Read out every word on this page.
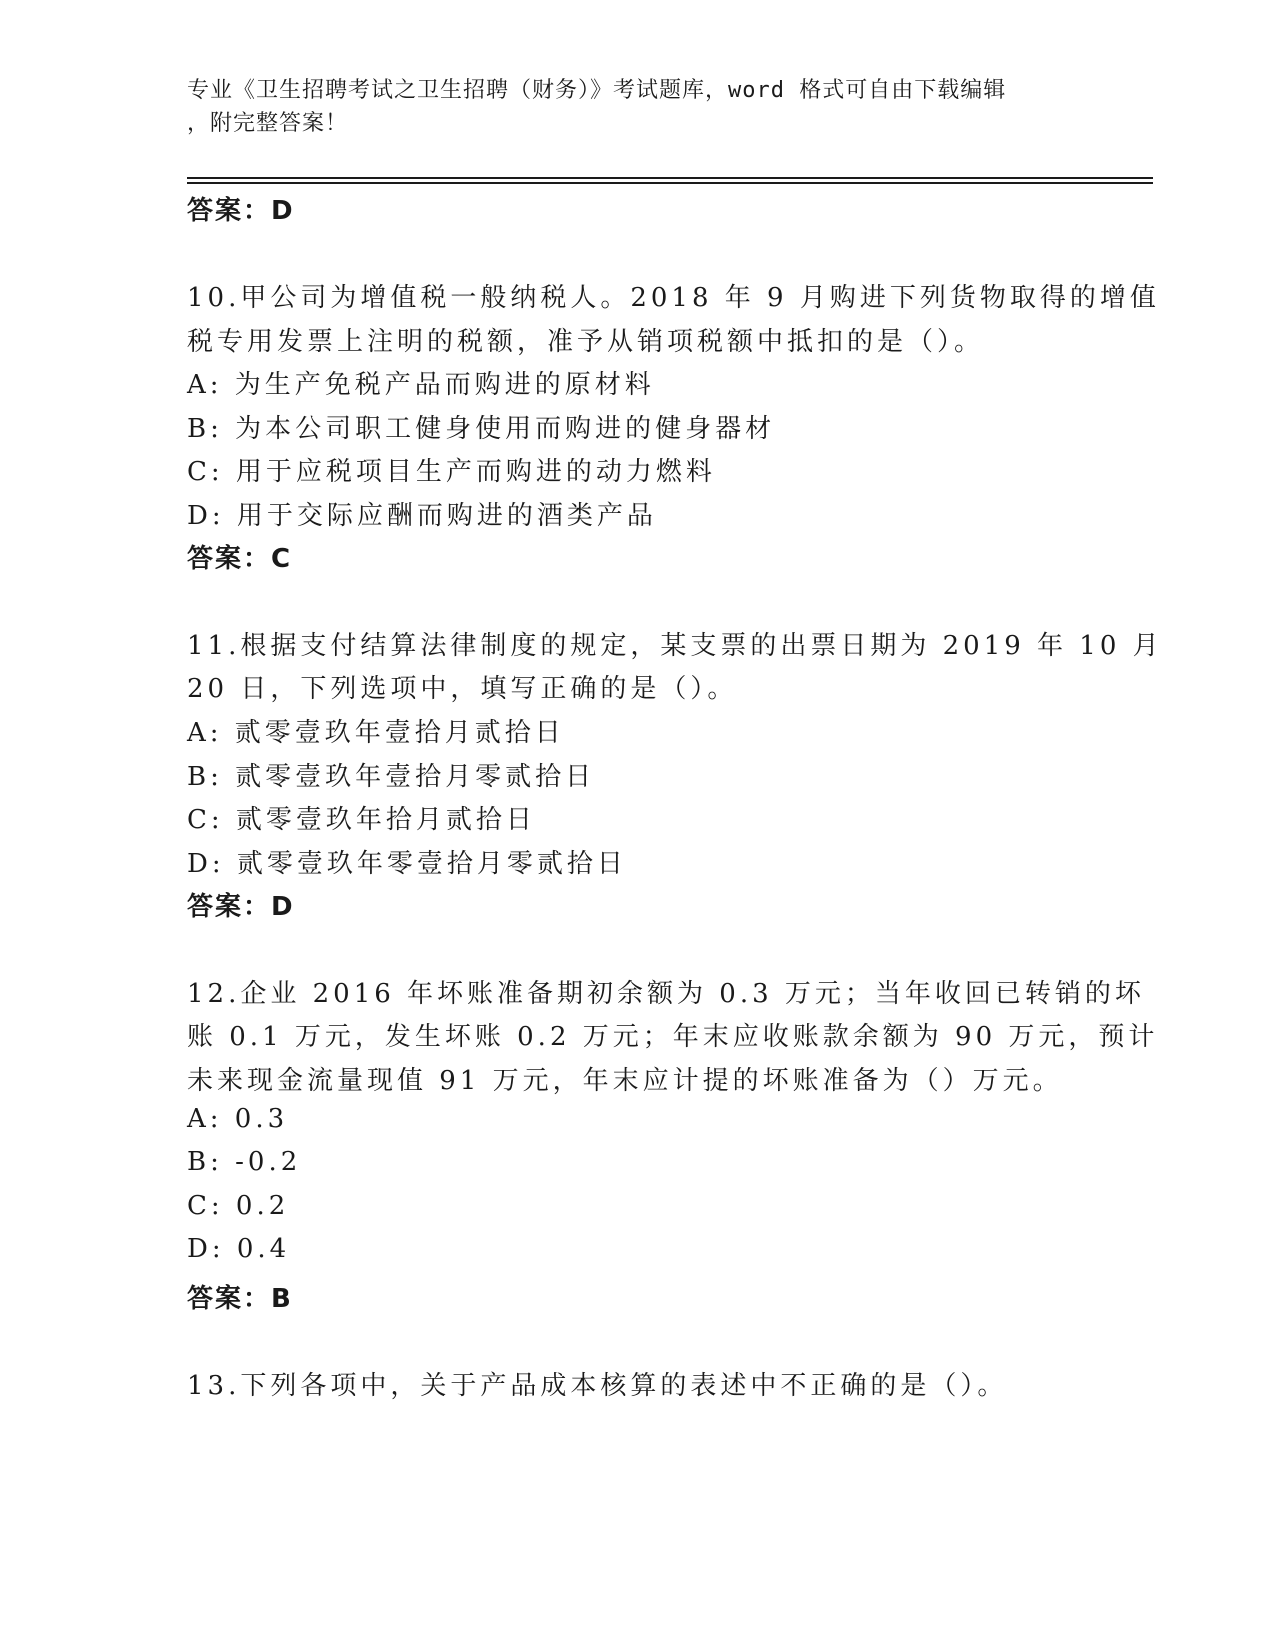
专业《卫生招聘考试之卫生招聘（财务）》考试题库，word 格式可自由下载编辑
，附完整答案！
答案：D
10.甲公司为增值税一般纳税人。2018 年 9 月购进下列货物取得的增值
税专用发票上注明的税额，准予从销项税额中抵扣的是（）。
A: 为生产免税产品而购进的原材料
B: 为本公司职工健身使用而购进的健身器材
C: 用于应税项目生产而购进的动力燃料
D: 用于交际应酬而购进的酒类产品
答案：C
11.根据支付结算法律制度的规定，某支票的出票日期为 2019 年 10 月
20 日，下列选项中，填写正确的是（）。
A: 贰零壹玖年壹拾月贰拾日
B: 贰零壹玖年壹拾月零贰拾日
C: 贰零壹玖年拾月贰拾日
D: 贰零壹玖年零壹拾月零贰拾日
答案：D
12.企业 2016 年坏账准备期初余额为 0.3 万元；当年收回已转销的坏
账 0.1 万元，发生坏账 0.2 万元；年末应收账款余额为 90 万元，预计
未来现金流量现值 91 万元，年末应计提的坏账准备为（）万元。
A: 0.3
B: -0.2
C: 0.2
D: 0.4
答案：B
13.下列各项中，关于产品成本核算的表述中不正确的是（）。
